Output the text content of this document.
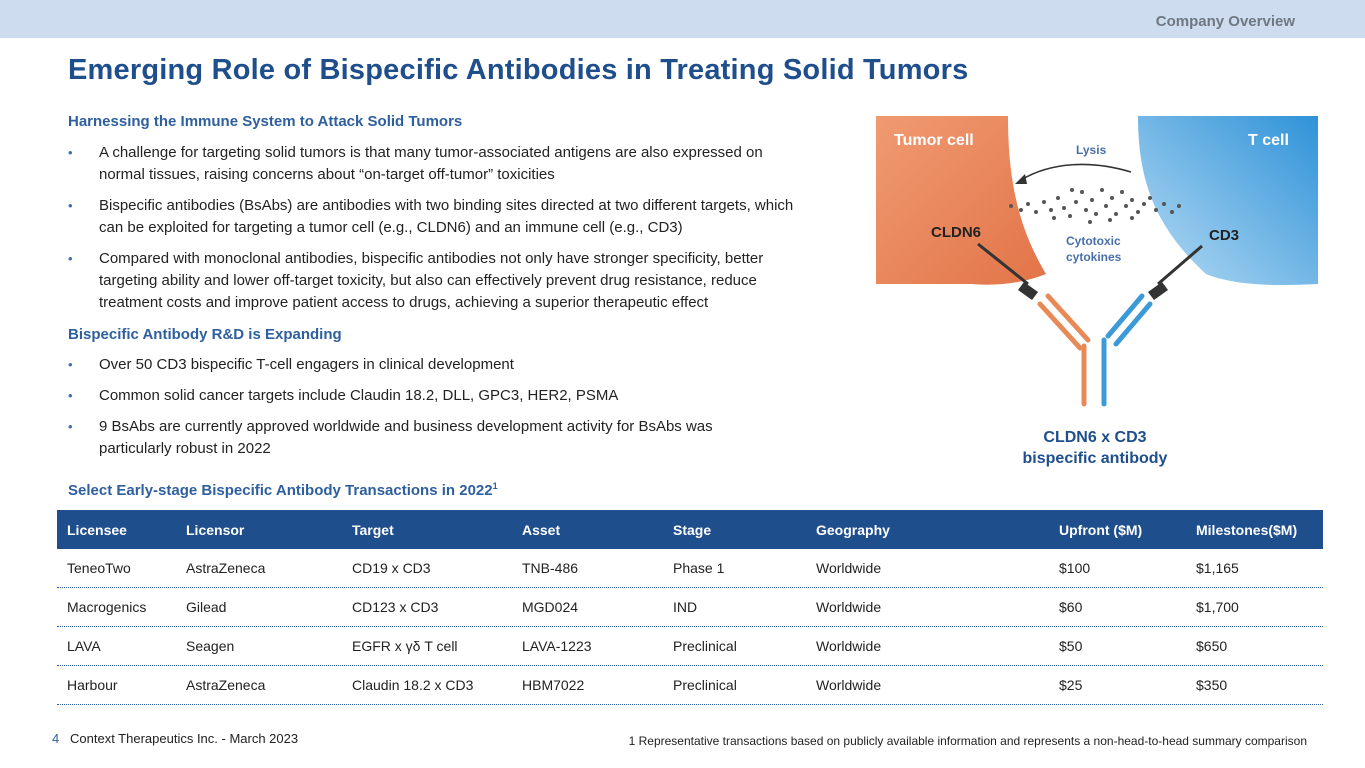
Company Overview
Emerging Role of Bispecific Antibodies in Treating Solid Tumors
Harnessing the Immune System to Attack Solid Tumors
• A challenge for targeting solid tumors is that many tumor-associated antigens are also expressed on normal tissues, raising concerns about “on-target off-tumor” toxicities
• Bispecific antibodies (BsAbs) are antibodies with two binding sites directed at two different targets, which can be exploited for targeting a tumor cell (e.g., CLDN6) and an immune cell (e.g., CD3)
• Compared with monoclonal antibodies, bispecific antibodies not only have stronger specificity, better targeting ability and lower off-target toxicity, but also can effectively prevent drug resistance, reduce treatment costs and improve patient access to drugs, achieving a superior therapeutic effect
Bispecific Antibody R&D is Expanding
• Over 50 CD3 bispecific T-cell engagers in clinical development
• Common solid cancer targets include Claudin 18.2, DLL, GPC3, HER2, PSMA
• 9 BsAbs are currently approved worldwide and business development activity for BsAbs was particularly robust in 2022
Tumor cell	T cell
Lysis
CLDN6	CD3
Cytotoxic
cytokines
CLDN6 x CD3
bispecific antibody
Select Early-stage Bispecific Antibody Transactions in 2022$^1$
Licensee	Licensor	Target	Asset	Stage	Geography	Upfront ($M)	Milestones($M)
TeneoTwo	AstraZeneca	CD19 x CD3	TNB-486	Phase 1	Worldwide	$100	$1,165
Macrogenics	Gilead	CD123 x CD3	MGD024	IND	Worldwide	$60	$1,700
LAVA	Seagen	EGFR x γδ T cell	LAVA-1223	Preclinical	Worldwide	$50	$650
Harbour	AstraZeneca	Claudin 18.2 x CD3	HBM7022	Preclinical	Worldwide	$25	$350
4 Context Therapeutics Inc. - March 2023	1 Representative transactions based on publicly available information and represents a non-head-to-head summary comparison
